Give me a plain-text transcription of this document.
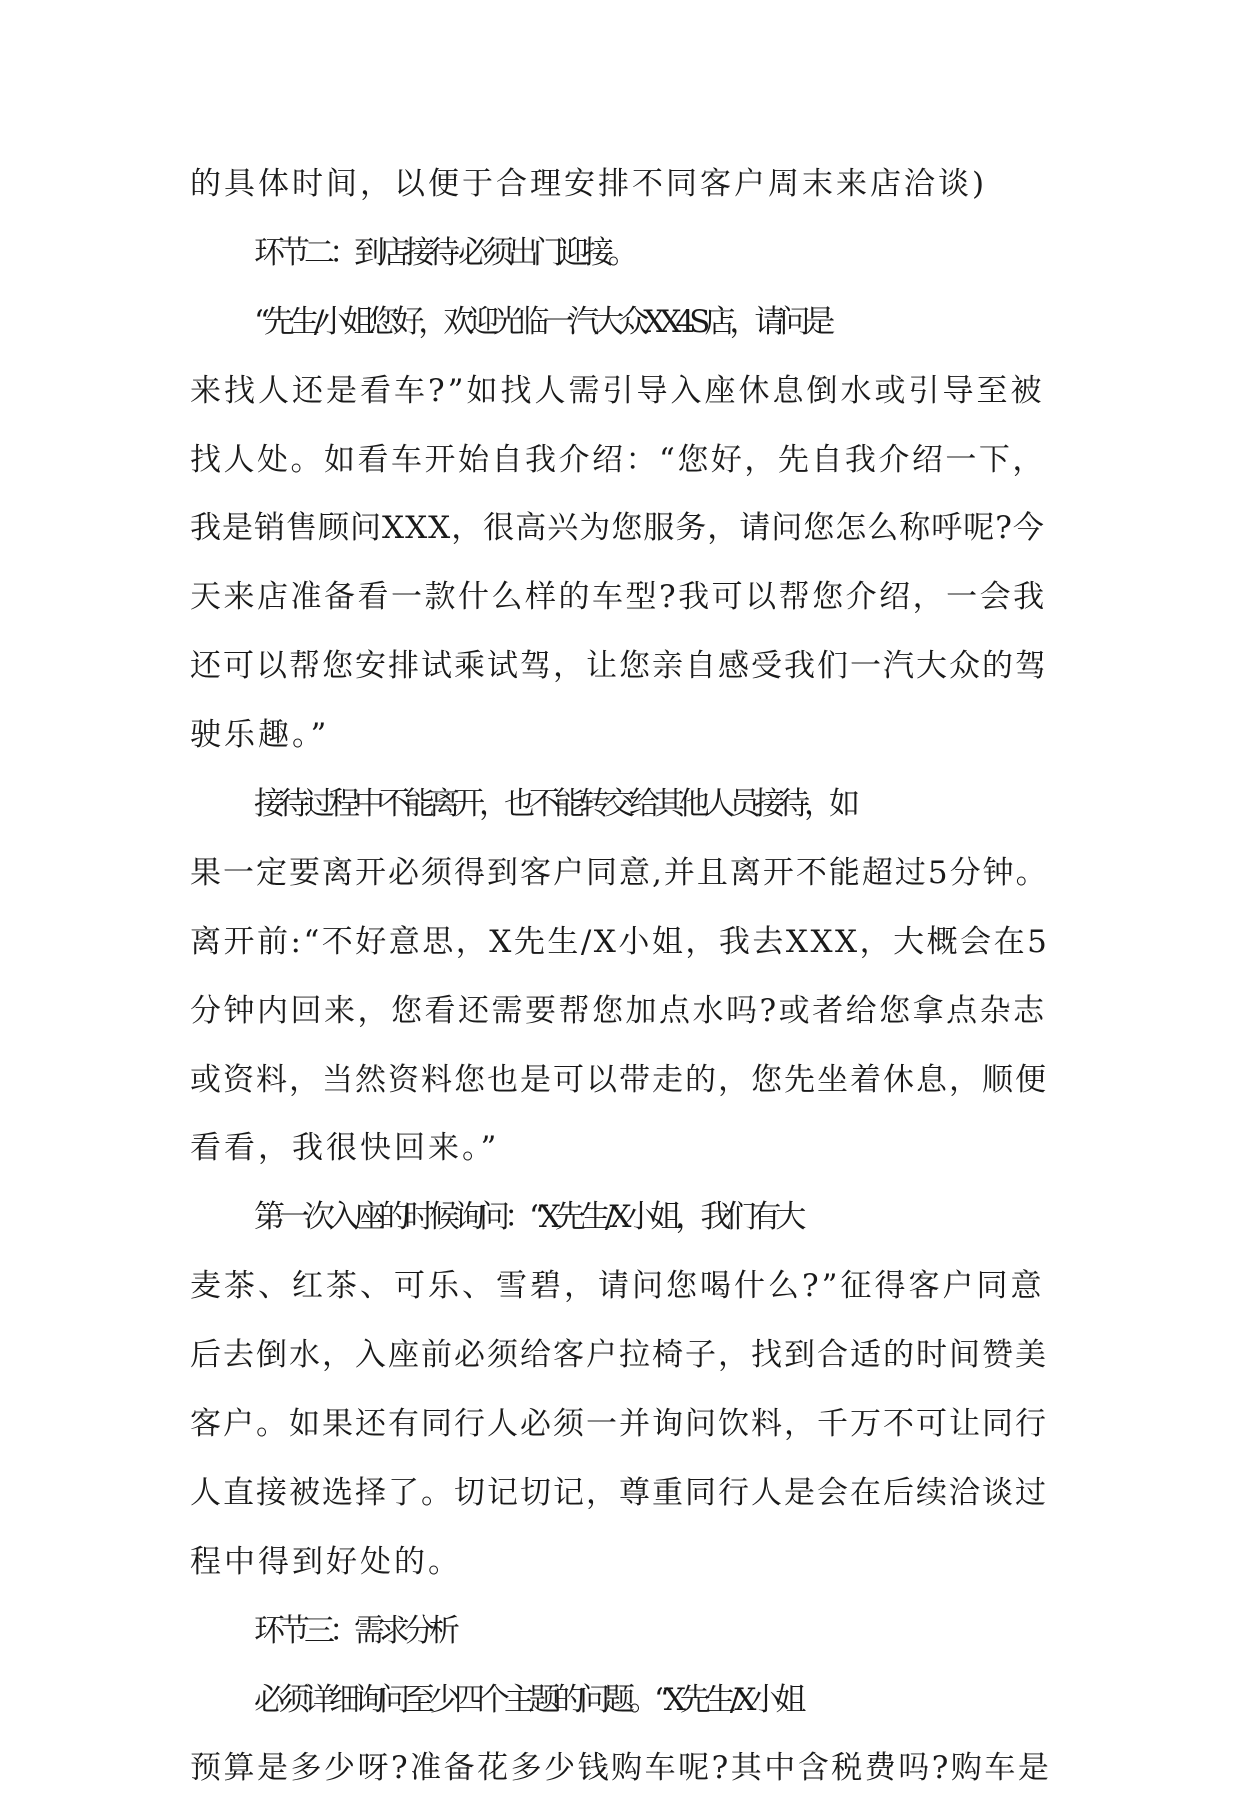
的具体时间，以便于合理安排不同客户周末来店洽谈)
环节二：到店接待 必须出门迎接。
“先生/小姐您好，欢迎光临一汽大众XX4S店，请问是
来找人还是看车?”如找人需引导入座休息倒水或引导至被
找人处。如看车开始自我介绍：“您好，先自我介绍一下，
我是销售顾问XXX，很高兴为您服务，请问您怎么称呼呢?今
天来店准备看一款什么样的车型?我可以帮您介绍，一会我
还可以帮您安排试乘试驾，让您亲自感受我们一汽大众的驾
驶乐趣。”
接待过程中不能离开，也不能转交给其他人员接待，如
果一定要离开必须得到客户同意,并且离开不能超过5分钟。
离开前:“不好意思，X先生/X小姐，我去XXX，大概会在5
分钟内回来，您看还需要帮您加点水吗?或者给您拿点杂志
或资料，当然资料您也是可以带走的，您先坐着休息，顺便
看看，我很快回来。”
第一次入座的时候询问：“X先生/X小姐，我们有大
麦茶、红茶、可乐、雪碧，请问您喝什么?”征得客户同意
后去倒水，入座前必须给客户拉椅子，找到合适的时间赞美
客户。如果还有同行人必须一并询问饮料，千万不可让同行
人直接被选择了。切记切记，尊重同行人是会在后续洽谈过
程中得到好处的。
环节三：需求分析
必须详细询问至少四个主题的问题。“X先生/X小姐
预算是多少呀?准备花多少钱购车呢?其中含税费吗?购车是
